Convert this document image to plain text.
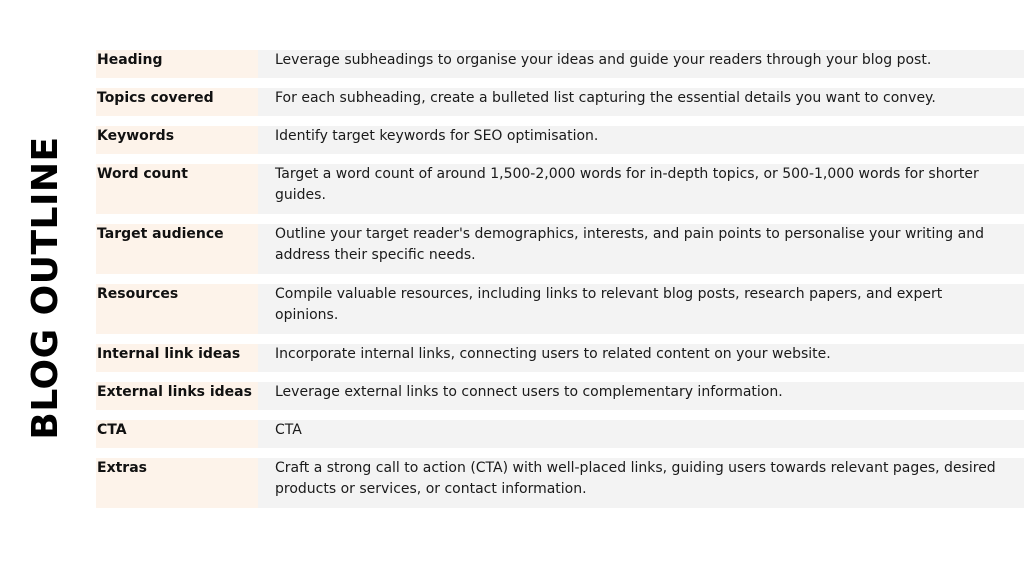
BLOG OUTLINE
Heading	Leverage subheadings to organise your ideas and guide your readers through your blog post.
Topics covered	For each subheading, create a bulleted list capturing the essential details you want to convey.
Keywords	Identify target keywords for SEO optimisation.
Word count	Target a word count of around 1,500-2,000 words for in-depth topics, or 500-1,000 words for shorter guides.
Target audience	Outline your target reader's demographics, interests, and pain points to personalise your writing and address their specific needs.
Resources	Compile valuable resources, including links to relevant blog posts, research papers, and expert opinions.
Internal link ideas	Incorporate internal links, connecting users to related content on your website.
External links ideas	Leverage external links to connect users to complementary information.
CTA	CTA
Extras	Craft a strong call to action (CTA) with well-placed links, guiding users towards relevant pages, desired products or services, or contact information.
